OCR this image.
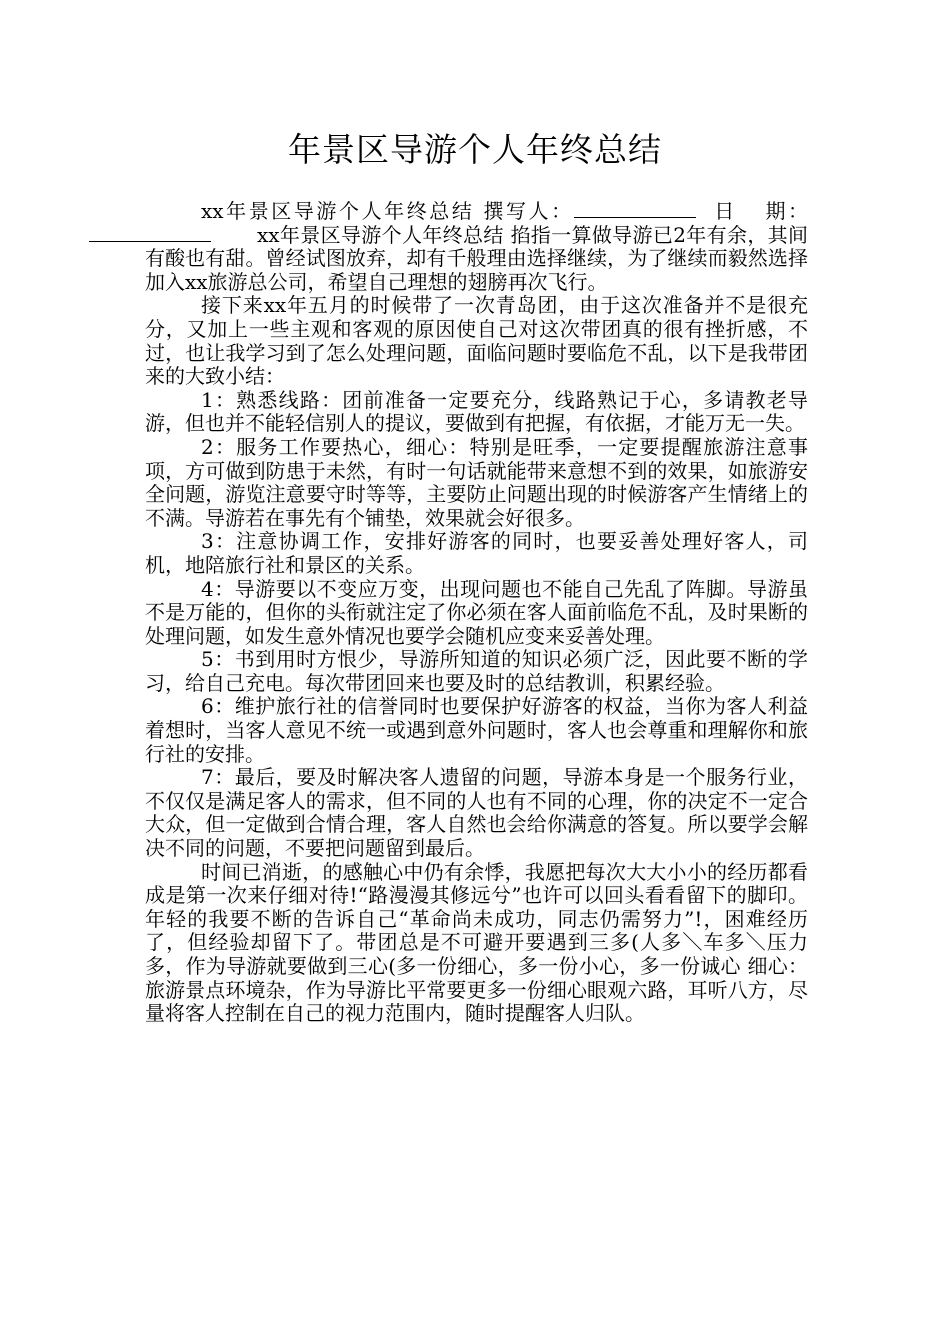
年景区导游个人年终总结

xx年景区导游个人年终总结 撰写人：	日 期：xx年景区导游个人年终总结 掐指一算做导游已2年有余，其间有酸也有甜。曾经试图放弃，却有千般理由选择继续，为了继续而毅然选择加入xx旅游总公司，希望自己理想的翅膀再次飞行。

接下来xx年五月的时候带了一次青岛团，由于这次准备并不是很充分，又加上一些主观和客观的原因使自己对这次带团真的很有挫折感，不过，也让我学习到了怎么处理问题，面临问题时要临危不乱，以下是我带团来的大致小结：

1：熟悉线路：团前准备一定要充分，线路熟记于心，多请教老导游，但也并不能轻信别人的提议，要做到有把握，有依据，才能万无一失。

2：服务工作要热心，细心：特别是旺季，一定要提醒旅游注意事项，方可做到防患于未然，有时一句话就能带来意想不到的效果，如旅游安全问题，游览注意要守时等等，主要防止问题出现的时候游客产生情绪上的不满。导游若在事先有个铺垫，效果就会好很多。

3：注意协调工作，安排好游客的同时，也要妥善处理好客人，司机，地陪旅行社和景区的关系。

4：导游要以不变应万变，出现问题也不能自己先乱了阵脚。导游虽不是万能的，但你的头衔就注定了你必须在客人面前临危不乱，及时果断的处理问题，如发生意外情况也要学会随机应变来妥善处理。

5：书到用时方恨少，导游所知道的知识必须广泛，因此要不断的学习，给自己充电。每次带团回来也要及时的总结教训，积累经验。

6：维护旅行社的信誉同时也要保护好游客的权益，当你为客人利益着想时，当客人意见不统一或遇到意外问题时，客人也会尊重和理解你和旅行社的安排。

7：最后，要及时解决客人遗留的问题，导游本身是一个服务行业，不仅仅是满足客人的需求，但不同的人也有不同的心理，你的决定不一定合大众，但一定做到合情合理，客人自然也会给你满意的答复。所以要学会解决不同的问题，不要把问题留到最后。

时间已消逝，的感触心中仍有余悸，我愿把每次大大小小的经历都看成是第一次来仔细对待!“路漫漫其修远兮”也许可以回头看看留下的脚印。年轻的我要不断的告诉自己“革命尚未成功，同志仍需努力”!，困难经历了，但经验却留下了。带团总是不可避开要遇到三多(人多＼车多＼压力多，作为导游就要做到三心(多一份细心，多一份小心，多一份诚心 细心：旅游景点环境杂，作为导游比平常要更多一份细心眼观六路，耳听八方，尽量将客人控制在自己的视力范围内，随时提醒客人归队。
